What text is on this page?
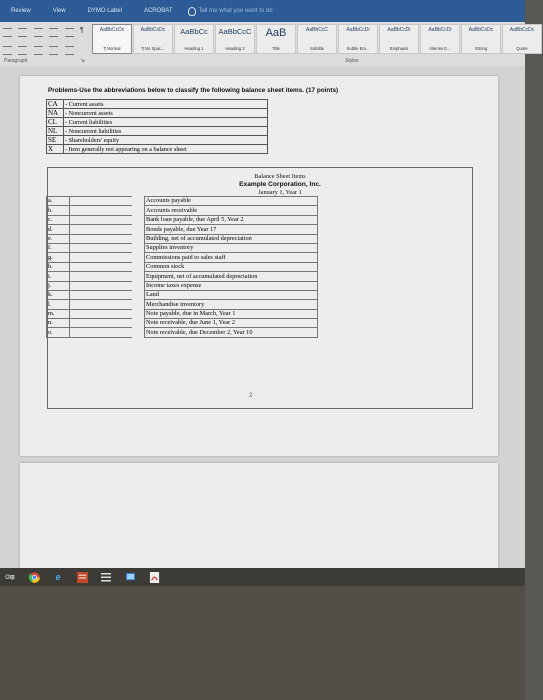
Review	View	DYMO Label	ACROBAT	Tell me what you want to do

¶	AaBbCcDc
¶ Normal
AaBbCcDc
¶ No Spac...
AaBbCc
Heading 1
AaBbCcC
Heading 2
AaB
Title
AaBbCcC
Subtitle
AaBbCcDi
Subtle Em...
AaBbCcDi
Emphasis
AaBbCcDi
Intense E...
AaBbCcDc
Strong
AaBbCcDc
Quote
Paragraph	↘	Styles
Problems-Use the abbreviations below to classify the following balance sheet items. (17 points)
CA	- Current assets
NA	- Noncurrent assets
CL	- Current liabilities
NL	- Noncurrent liabilities
SE	- Shareholders' equity
X	- Item generally not appearing on a balance sheet
Balance Sheet Items
Example Corporation, Inc.
January 1, Year 1
a.			Accounts payable
b.			Accounts receivable
c.			Bank loan payable, due April 5, Year 2
d.			Bonds payable, due Year 17
e.			Building, net of accumulated depreciation
f.			Supplies inventory
g.			Commissions paid to sales staff
h.			Common stock
i.			Equipment, net of accumulated depreciation
j.			Income taxes expense
k.			Land
l.			Merchandise inventory
m.			Note payable, due in March, Year 1
n.			Note receivable, due June 1, Year 2
o.			Note receivable, due December 2, Year 10
2

O⊞	e
